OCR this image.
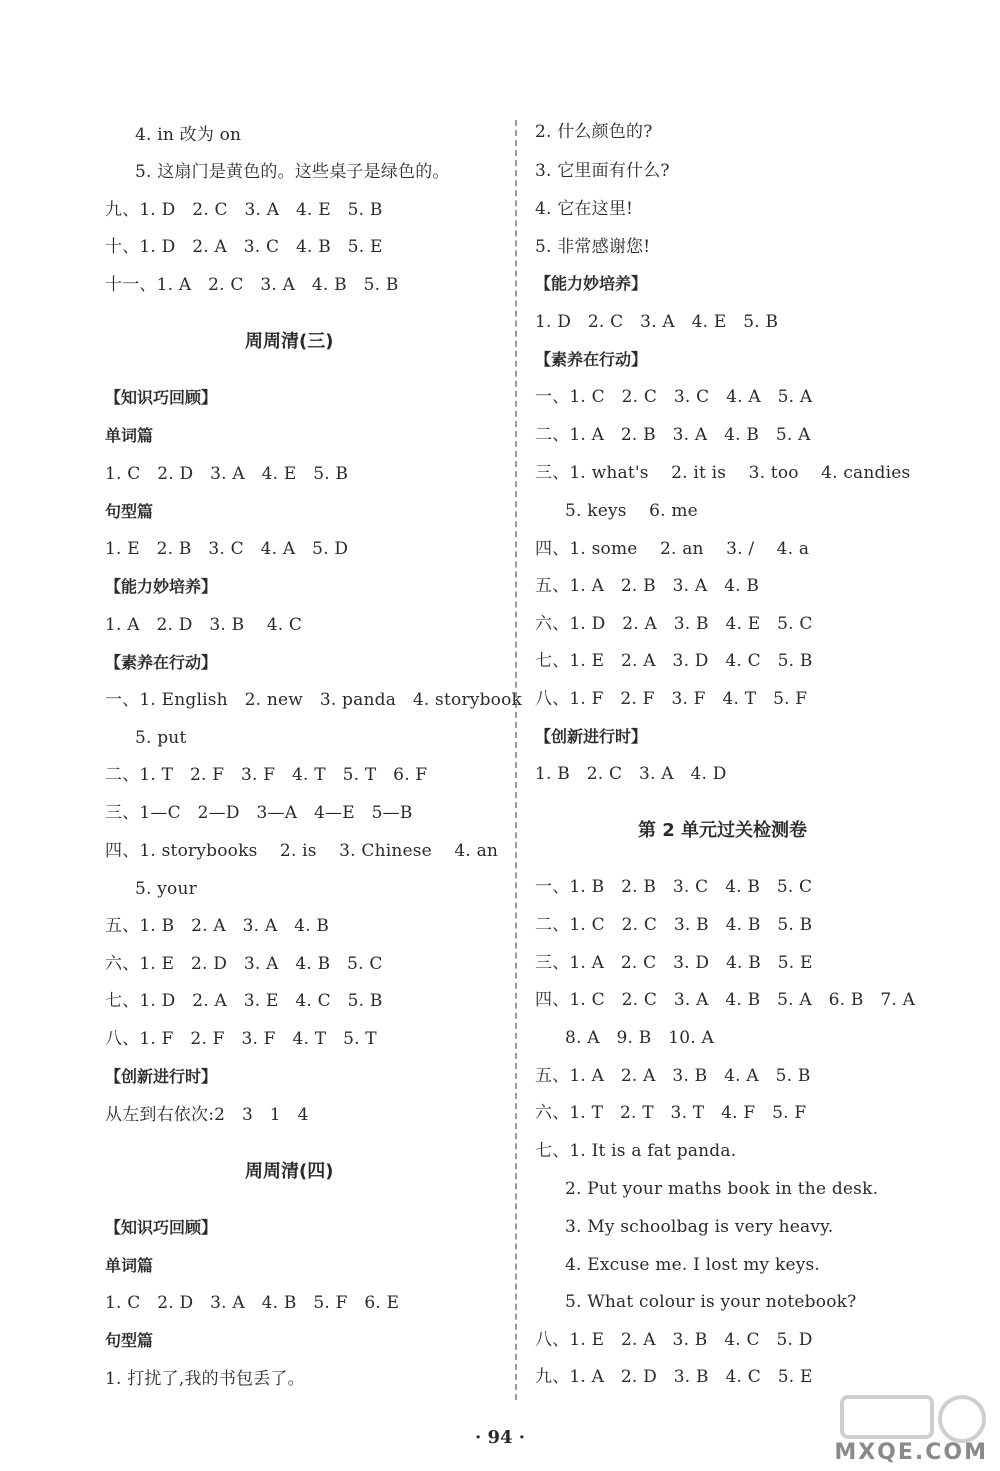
4. in 改为 on
5. 这扇门是黄色的。这些桌子是绿色的。
九、1. D   2. C   3. A   4. E   5. B
十、1. D   2. A   3. C   4. B   5. E
十一、1. A   2. C   3. A   4. B   5. B
周周清(三)
【知识巧回顾】
单词篇
1. C   2. D   3. A   4. E   5. B
句型篇
1. E   2. B   3. C   4. A   5. D
【能力妙培养】
1. A   2. D   3. B    4. C
【素养在行动】
一、1. English   2. new   3. panda   4. storybook
5. put
二、1. T   2. F   3. F   4. T   5. T   6. F
三、1—C   2—D   3—A   4—E   5—B
四、1. storybooks    2. is    3. Chinese    4. an
5. your
五、1. B   2. A   3. A   4. B
六、1. E   2. D   3. A   4. B   5. C
七、1. D   2. A   3. E   4. C   5. B
八、1. F   2. F   3. F   4. T   5. T
【创新进行时】
从左到右依次:2   3   1   4
周周清(四)
【知识巧回顾】
单词篇
1. C   2. D   3. A   4. B   5. F   6. E
句型篇
1. 打扰了,我的书包丢了。
2. 什么颜色的?
3. 它里面有什么?
4. 它在这里!
5. 非常感谢您!
【能力妙培养】
1. D   2. C   3. A   4. E   5. B
【素养在行动】
一、1. C   2. C   3. C   4. A   5. A
二、1. A   2. B   3. A   4. B   5. A
三、1. what's    2. it is    3. too    4. candies
5. keys    6. me
四、1. some    2. an    3. /    4. a
五、1. A   2. B   3. A   4. B
六、1. D   2. A   3. B   4. E   5. C
七、1. E   2. A   3. D   4. C   5. B
八、1. F   2. F   3. F   4. T   5. F
【创新进行时】
1. B   2. C   3. A   4. D
第 2 单元过关检测卷
一、1. B   2. B   3. C   4. B   5. C
二、1. C   2. C   3. B   4. B   5. B
三、1. A   2. C   3. D   4. B   5. E
四、1. C   2. C   3. A   4. B   5. A   6. B   7. A
8. A   9. B   10. A
五、1. A   2. A   3. B   4. A   5. B
六、1. T   2. T   3. T   4. F   5. F
七、1. It is a fat panda.
2. Put your maths book in the desk.
3. My schoolbag is very heavy.
4. Excuse me. I lost my keys.
5. What colour is your notebook?
八、1. E   2. A   3. B   4. C   5. D
九、1. A   2. D   3. B   4. C   5. E
· 94 ·
MXQE.COM
